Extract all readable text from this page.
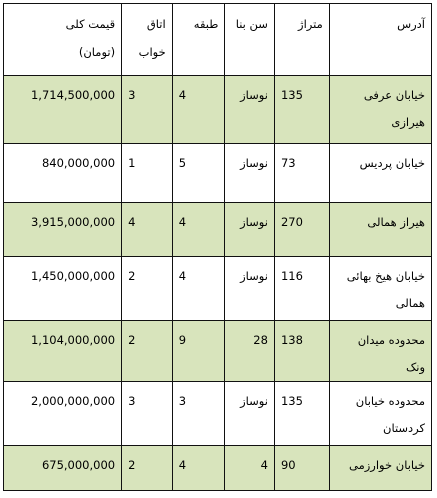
آدرس	متراژ	سن بنا	طبقه	اتاق خواب	قیمت کلی
(تومان)

خیابان عرفی هیرازی	135	نوساز	4	3	1,714,500,000
خیابان پردیس	73	نوساز	5	1	840,000,000
هیراز همالی	270	نوساز	4	4	3,915,000,000
خیابان هیخ بهائی همالی	116	نوساز	4	2	1,450,000,000
محدوده میدان ونک	138	28	9	2	1,104,000,000
محدوده خیابان کردستان	135	نوساز	3	3	2,000,000,000
خیابان خوارزمی	90	4	4	2	675,000,000
